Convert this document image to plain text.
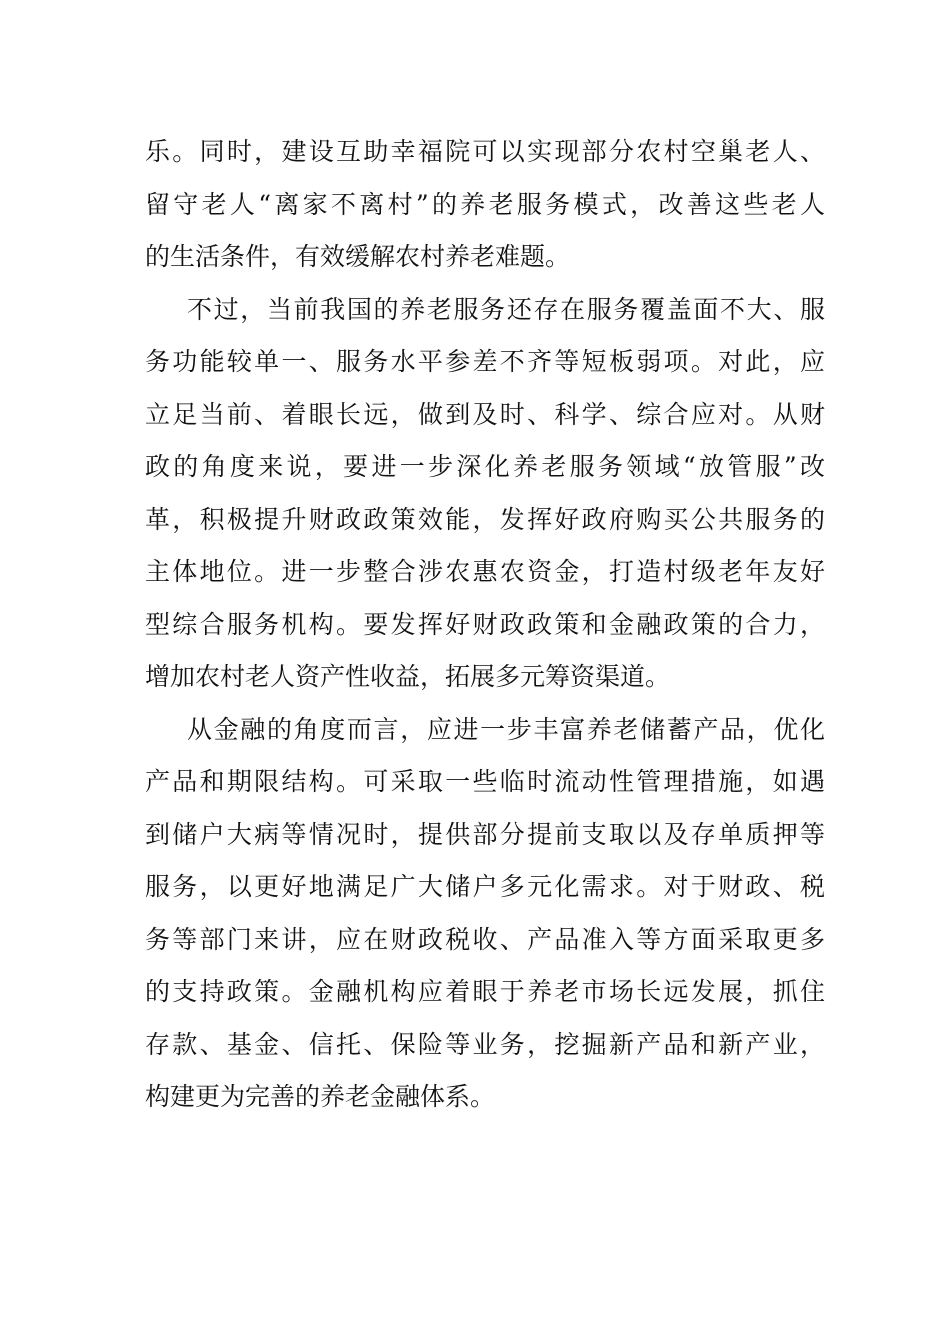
乐。同时，建设互助幸福院可以实现部分农村空巢老人、
留守老人“离家不离村”的养老服务模式，改善这些老人
的生活条件，有效缓解农村养老难题。
不过，当前我国的养老服务还存在服务覆盖面不大、服
务功能较单一、服务水平参差不齐等短板弱项。对此，应
立足当前、着眼长远，做到及时、科学、综合应对。从财
政的角度来说，要进一步深化养老服务领域“放管服”改
革，积极提升财政政策效能，发挥好政府购买公共服务的
主体地位。进一步整合涉农惠农资金，打造村级老年友好
型综合服务机构。要发挥好财政政策和金融政策的合力，
增加农村老人资产性收益，拓展多元筹资渠道。
从金融的角度而言，应进一步丰富养老储蓄产品，优化
产品和期限结构。可采取一些临时流动性管理措施，如遇
到储户大病等情况时，提供部分提前支取以及存单质押等
服务，以更好地满足广大储户多元化需求。对于财政、税
务等部门来讲，应在财政税收、产品准入等方面采取更多
的支持政策。金融机构应着眼于养老市场长远发展，抓住
存款、基金、信托、保险等业务，挖掘新产品和新产业，
构建更为完善的养老金融体系。
